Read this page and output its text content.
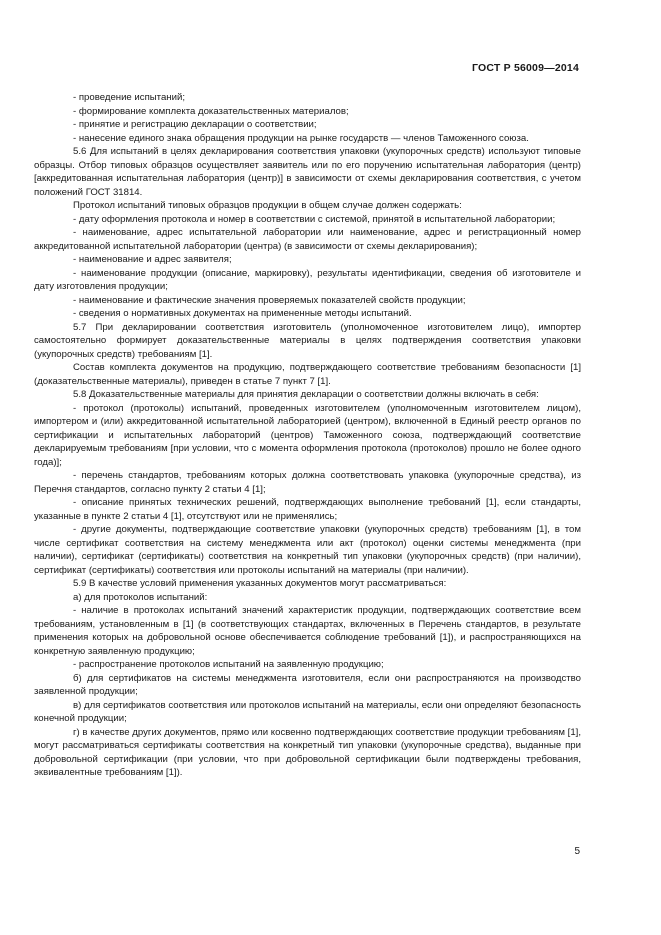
ГОСТ Р 56009—2014

- проведение испытаний;

- формирование комплекта доказательственных материалов;

- принятие и регистрацию декларации о соответствии;

- нанесение единого знака обращения продукции на рынке государств — членов Таможенного союза.

5.6 Для испытаний в целях декларирования соответствия упаковки (укупорочных средств) используют типовые образцы. Отбор типовых образцов осуществляет заявитель или по его поручению испытательная лаборатория (центр) [аккредитованная испытательная лаборатория (центр)] в зависимости от схемы декларирования соответствия, с учетом положений ГОСТ 31814.

Протокол испытаний типовых образцов продукции в общем случае должен содержать:

- дату оформления протокола и номер в соответствии с системой, принятой в испытательной лаборатории;

- наименование, адрес испытательной лаборатории или наименование, адрес и регистрационный номер аккредитованной испытательной лаборатории (центра) (в зависимости от схемы декларирования);

- наименование и адрес заявителя;

- наименование продукции (описание, маркировку), результаты идентификации, сведения об изготовителе и дату изготовления продукции;

- наименование и фактические значения проверяемых показателей свойств продукции;

- сведения о нормативных документах на примененные методы испытаний.

5.7 При декларировании соответствия изготовитель (уполномоченное изготовителем лицо), импортер самостоятельно формирует доказательственные материалы в целях подтверждения соответствия упаковки (укупорочных средств) требованиям [1].

Состав комплекта документов на продукцию, подтверждающего соответствие требованиям безопасности [1] (доказательственные материалы), приведен в статье 7 пункт 7 [1].

5.8 Доказательственные материалы для принятия декларации о соответствии должны включать в себя:

- протокол (протоколы) испытаний, проведенных изготовителем (уполномоченным изготовителем лицом), импортером и (или) аккредитованной испытательной лабораторией (центром), включенной в Единый реестр органов по сертификации и испытательных лабораторий (центров) Таможенного союза, подтверждающий соответствие декларируемым требованиям [при условии, что с момента оформления протокола (протоколов) прошло не более одного года)];

- перечень стандартов, требованиям которых должна соответствовать упаковка (укупорочные средства), из Перечня стандартов, согласно пункту 2 статьи 4 [1];

- описание принятых технических решений, подтверждающих выполнение требований [1], если стандарты, указанные в пункте 2 статьи 4 [1], отсутствуют или не применялись;

- другие документы, подтверждающие соответствие упаковки (укупорочных средств) требованиям [1], в том числе сертификат соответствия на систему менеджмента или акт (протокол) оценки системы менеджмента (при наличии), сертификат (сертификаты) соответствия на конкретный тип упаковки (укупорочных средств) (при наличии), сертификат (сертификаты) соответствия или протоколы испытаний на материалы (при наличии).

5.9 В качестве условий применения указанных документов могут рассматриваться:

а) для протоколов испытаний:

- наличие в протоколах испытаний значений характеристик продукции, подтверждающих соответствие всем требованиям, установленным в [1] (в соответствующих стандартах, включенных в Перечень стандартов, в результате применения которых на добровольной основе обеспечивается соблюдение требований [1]), и распространяющихся на конкретную заявленную продукцию;

- распространение протоколов испытаний на заявленную продукцию;

б) для сертификатов на системы менеджмента изготовителя, если они распространяются на производство заявленной продукции;

в) для сертификатов соответствия или протоколов испытаний на материалы, если они определяют безопасность конечной продукции;

г) в качестве других документов, прямо или косвенно подтверждающих соответствие продукции требованиям [1], могут рассматриваться сертификаты соответствия на конкретный тип упаковки (укупорочные средства), выданные при добровольной сертификации (при условии, что при добровольной сертификации были подтверждены требования, эквивалентные требованиям [1]).

5
